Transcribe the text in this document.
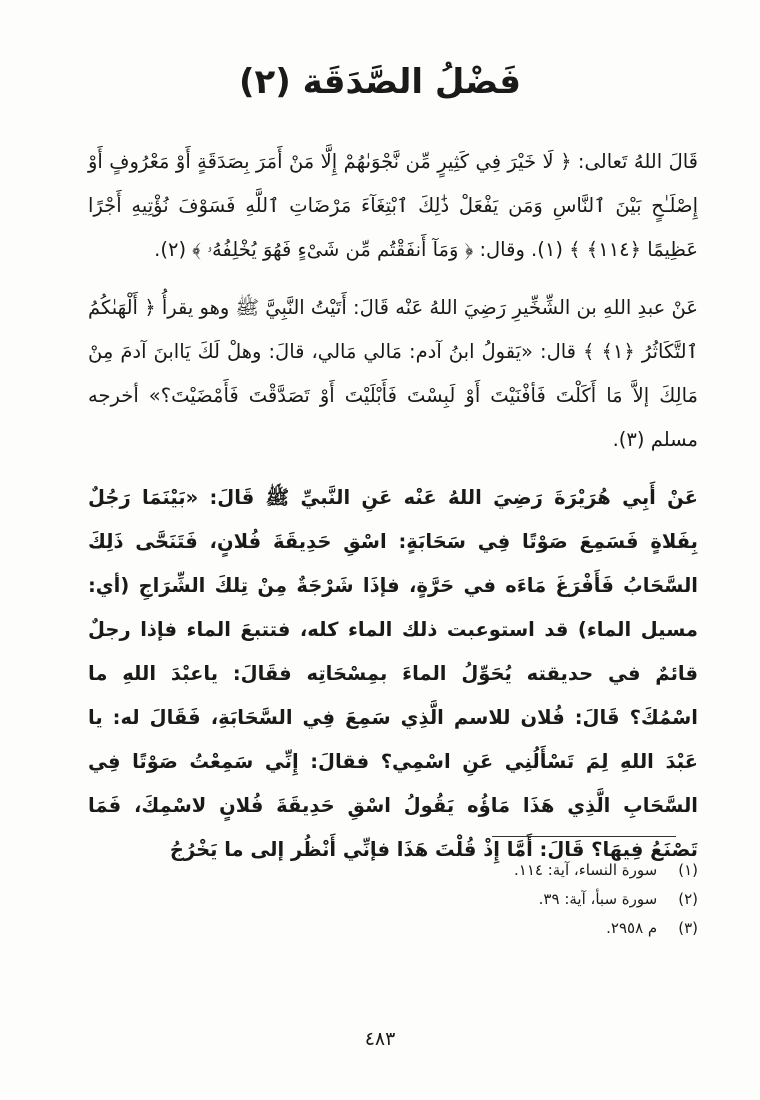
فَضْلُ الصَّدَقَة (٢)

قَالَ اللهُ تَعالى: ﴿ لَا خَيْرَ فِي كَثِيرٍ مِّن نَّجْوَىٰهُمْ إِلَّا مَنْ أَمَرَ بِصَدَقَةٍ أَوْ مَعْرُوفٍ أَوْ إِصْلَـٰحٍ بَيْنَ ٱلنَّاسِ وَمَن يَفْعَلْ ذَٰلِكَ ٱبْتِغَآءَ مَرْضَاتِ ٱللَّهِ فَسَوْفَ نُؤْتِيهِ أَجْرًا عَظِيمًا ﴿١١٤﴾ ﴾ (١). وقال: ﴿ وَمَآ أَنفَقْتُم مِّن شَىْءٍ فَهُوَ يُخْلِفُهُۥ ﴾ (٢).

عَنْ عبدِ اللهِ بن الشِّخِّيرِ رَضِيَ اللهُ عَنْه قَالَ: أَتَيْتُ النَّبِيَّ ﷺ وهو يقرأُ ﴿ أَلْهَىٰكُمُ ٱلتَّكَاثُرُ ﴿١﴾ ﴾ قال: «يَقولُ ابنُ آدم: مَالي مَالي، قالَ: وهلْ لَكَ يَاابنَ آدمَ مِنْ مَالِكَ إلاَّ مَا أَكَلْتَ فَأفْنَيْتَ أَوْ لَبِسْتَ فَأَبْلَيْتَ أَوْ تَصَدَّقْتَ فَأَمْضَيْتَ؟» أخرجه مسلم (٣).

عَنْ أَبِي هُرَيْرَةَ رَضِيَ اللهُ عَنْه عَنِ النَّبيِّ ﷺ قَالَ: «بَيْنَمَا رَجُلٌ بِفَلاةٍ فَسَمِعَ صَوْتًا فِي سَحَابَةٍ: اسْقِ حَدِيقَةَ فُلانٍ، فَتَنَحَّى ذَلِكَ السَّحَابُ فَأَفْرَغَ مَاءَه في حَرَّةٍ، فإذَا شَرْجَةٌ مِنْ تِلكَ الشِّرَاجِ (أي: مسيل الماء) قد استوعبت ذلك الماء كله، فتتبعَ الماء فإذا رجلٌ قائمٌ في حديقته يُحَوِّلُ الماءَ بمِسْحَاتِه فقَالَ: ياعبْدَ اللهِ ما اسْمُكَ؟ قَالَ: فُلان للاسم الَّذِي سَمِعَ فِي السَّحَابَةِ، فَقَالَ له: يا عَبْدَ اللهِ لِمَ تَسْأَلُنِي عَنِ اسْمِي؟ فقالَ: إِنِّي سَمِعْتُ صَوْتًا فِي السَّحَابِ الَّذِي هَذَا مَاؤُه يَقُولُ اسْقِ حَدِيقَةَ فُلانٍ لاسْمِكَ، فَمَا تَصْنَعُ فِيهَا؟ قَالَ: أَمَّا إِذْ قُلْتَ هَذَا فإنِّي أَنْظُر إلى ما يَخْرُجُ

(١) سورة النساء، آية: ١١٤.
(٢) سورة سبأ، آية: ٣٩.
(٣) م ٢٩٥٨.
٤٨٣
